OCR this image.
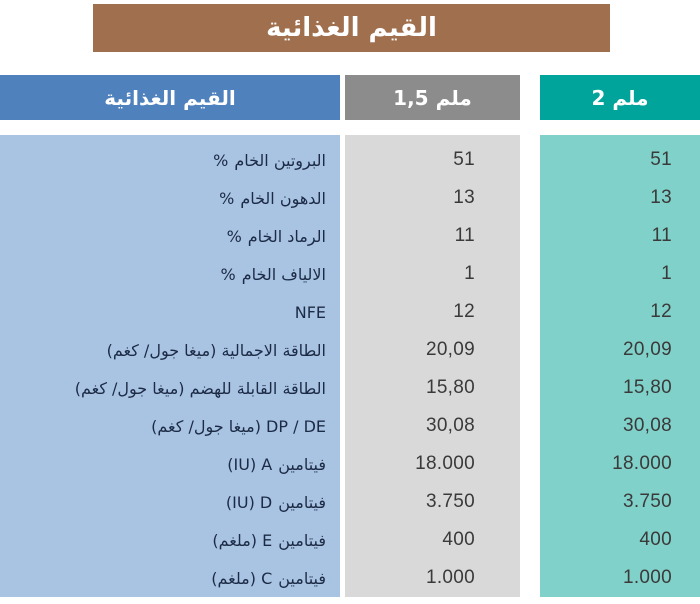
القيم الغذائية
القيم الغذائية
البروتين الخام
%
الدهون الخام
%
الرماد الخام
%
الالياف الخام
%
NFE
الطاقة الاجمالية (ميغا جول/ كغم)
الطاقة القابلة للهضم (ميغا جول/ كغم)
DP / DE (ميغا جول/ كغم)
فيتامين
(IU) A
فيتامين
(IU) D
فيتامين
(ملغم) E
فيتامين
(ملغم) C
1,5 ملم
51
13
11
1
12
20,09
15,80
30,08
18.000
3.750
400
1.000
2 ملم
51
13
11
1
12
20,09
15,80
30,08
18.000
3.750
400
1.000
